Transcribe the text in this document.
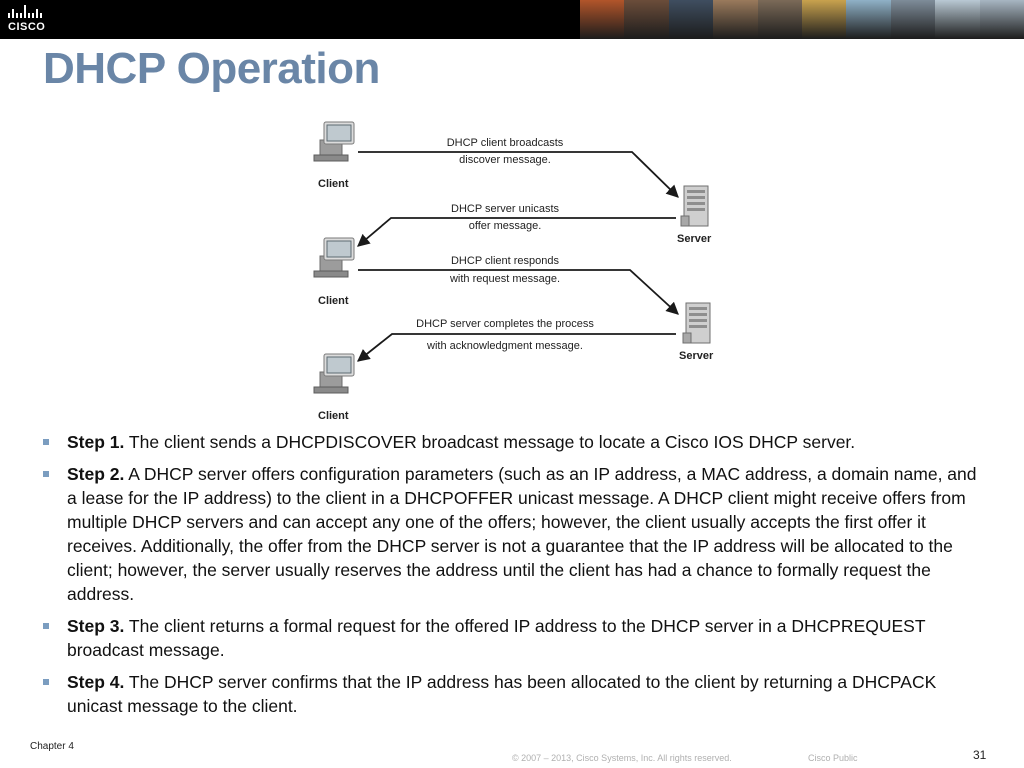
CISCO
DHCP Operation
Client
Client
Client
Server
Server
DHCP client broadcasts
discover message.
DHCP server unicasts
offer message.
DHCP client responds
with request message.
DHCP server completes the process
with acknowledgment message.
Step 1. The client sends a DHCPDISCOVER broadcast message to locate a Cisco IOS DHCP server.
Step 2. A DHCP server offers configuration parameters (such as an IP address, a MAC address, a domain name, and a lease for the IP address) to the client in a DHCPOFFER unicast message. A DHCP client might receive offers from multiple DHCP servers and can accept any one of the offers; however, the client usually accepts the first offer it receives. Additionally, the offer from the DHCP server is not a guarantee that the IP address will be allocated to the client; however, the server usually reserves the address until the client has had a chance to formally request the address.
Step 3. The client returns a formal request for the offered IP address to the DHCP server in a DHCPREQUEST broadcast message.
Step 4. The DHCP server confirms that the IP address has been allocated to the client by returning a DHCPACK unicast message to the client.
Chapter 4
© 2007 – 2013, Cisco Systems, Inc. All rights reserved.	Cisco Public	31
